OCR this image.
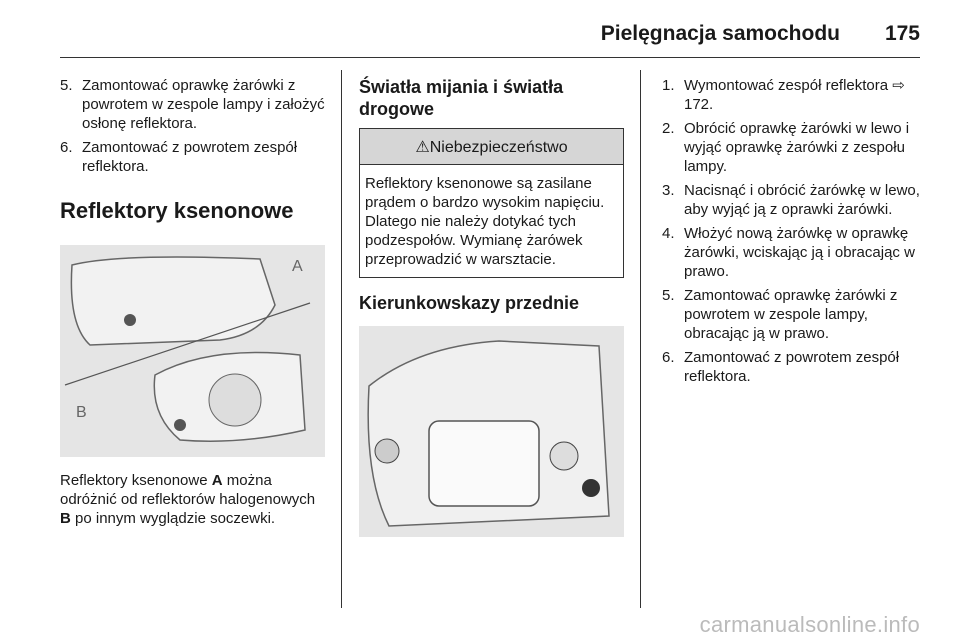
Pielęgnacja samochodu 175
5. Zamontować oprawkę żarówki z powrotem w zespole lampy i założyć osłonę reflektora.
6. Zamontować z powrotem zespół reflektora.
Reflektory ksenonowe
A
B

Reflektory ksenonowe A można odróżnić od reflektorów halogenowych B po innym wyglądzie soczewki.

Światła mijania i światła drogowe
⚠Niebezpieczeństwo
Reflektory ksenonowe są zasilane prądem o bardzo wysokim napięciu. Dlatego nie należy dotykać tych podzespołów. Wymianę żarówek przeprowadzić w warsztacie.
Kierunkowskazy przednie
1. Wymontować zespół reflektora ⇨ 172.
2. Obrócić oprawkę żarówki w lewo i wyjąć oprawkę żarówki z zespołu lampy.
3. Nacisnąć i obrócić żarówkę w lewo, aby wyjąć ją z oprawki żarówki.
4. Włożyć nową żarówkę w oprawkę żarówki, wciskając ją i obracając w prawo.
5. Zamontować oprawkę żarówki z powrotem w zespole lampy, obracając ją w prawo.
6. Zamontować z powrotem zespół reflektora.
carmanualsonline.info
